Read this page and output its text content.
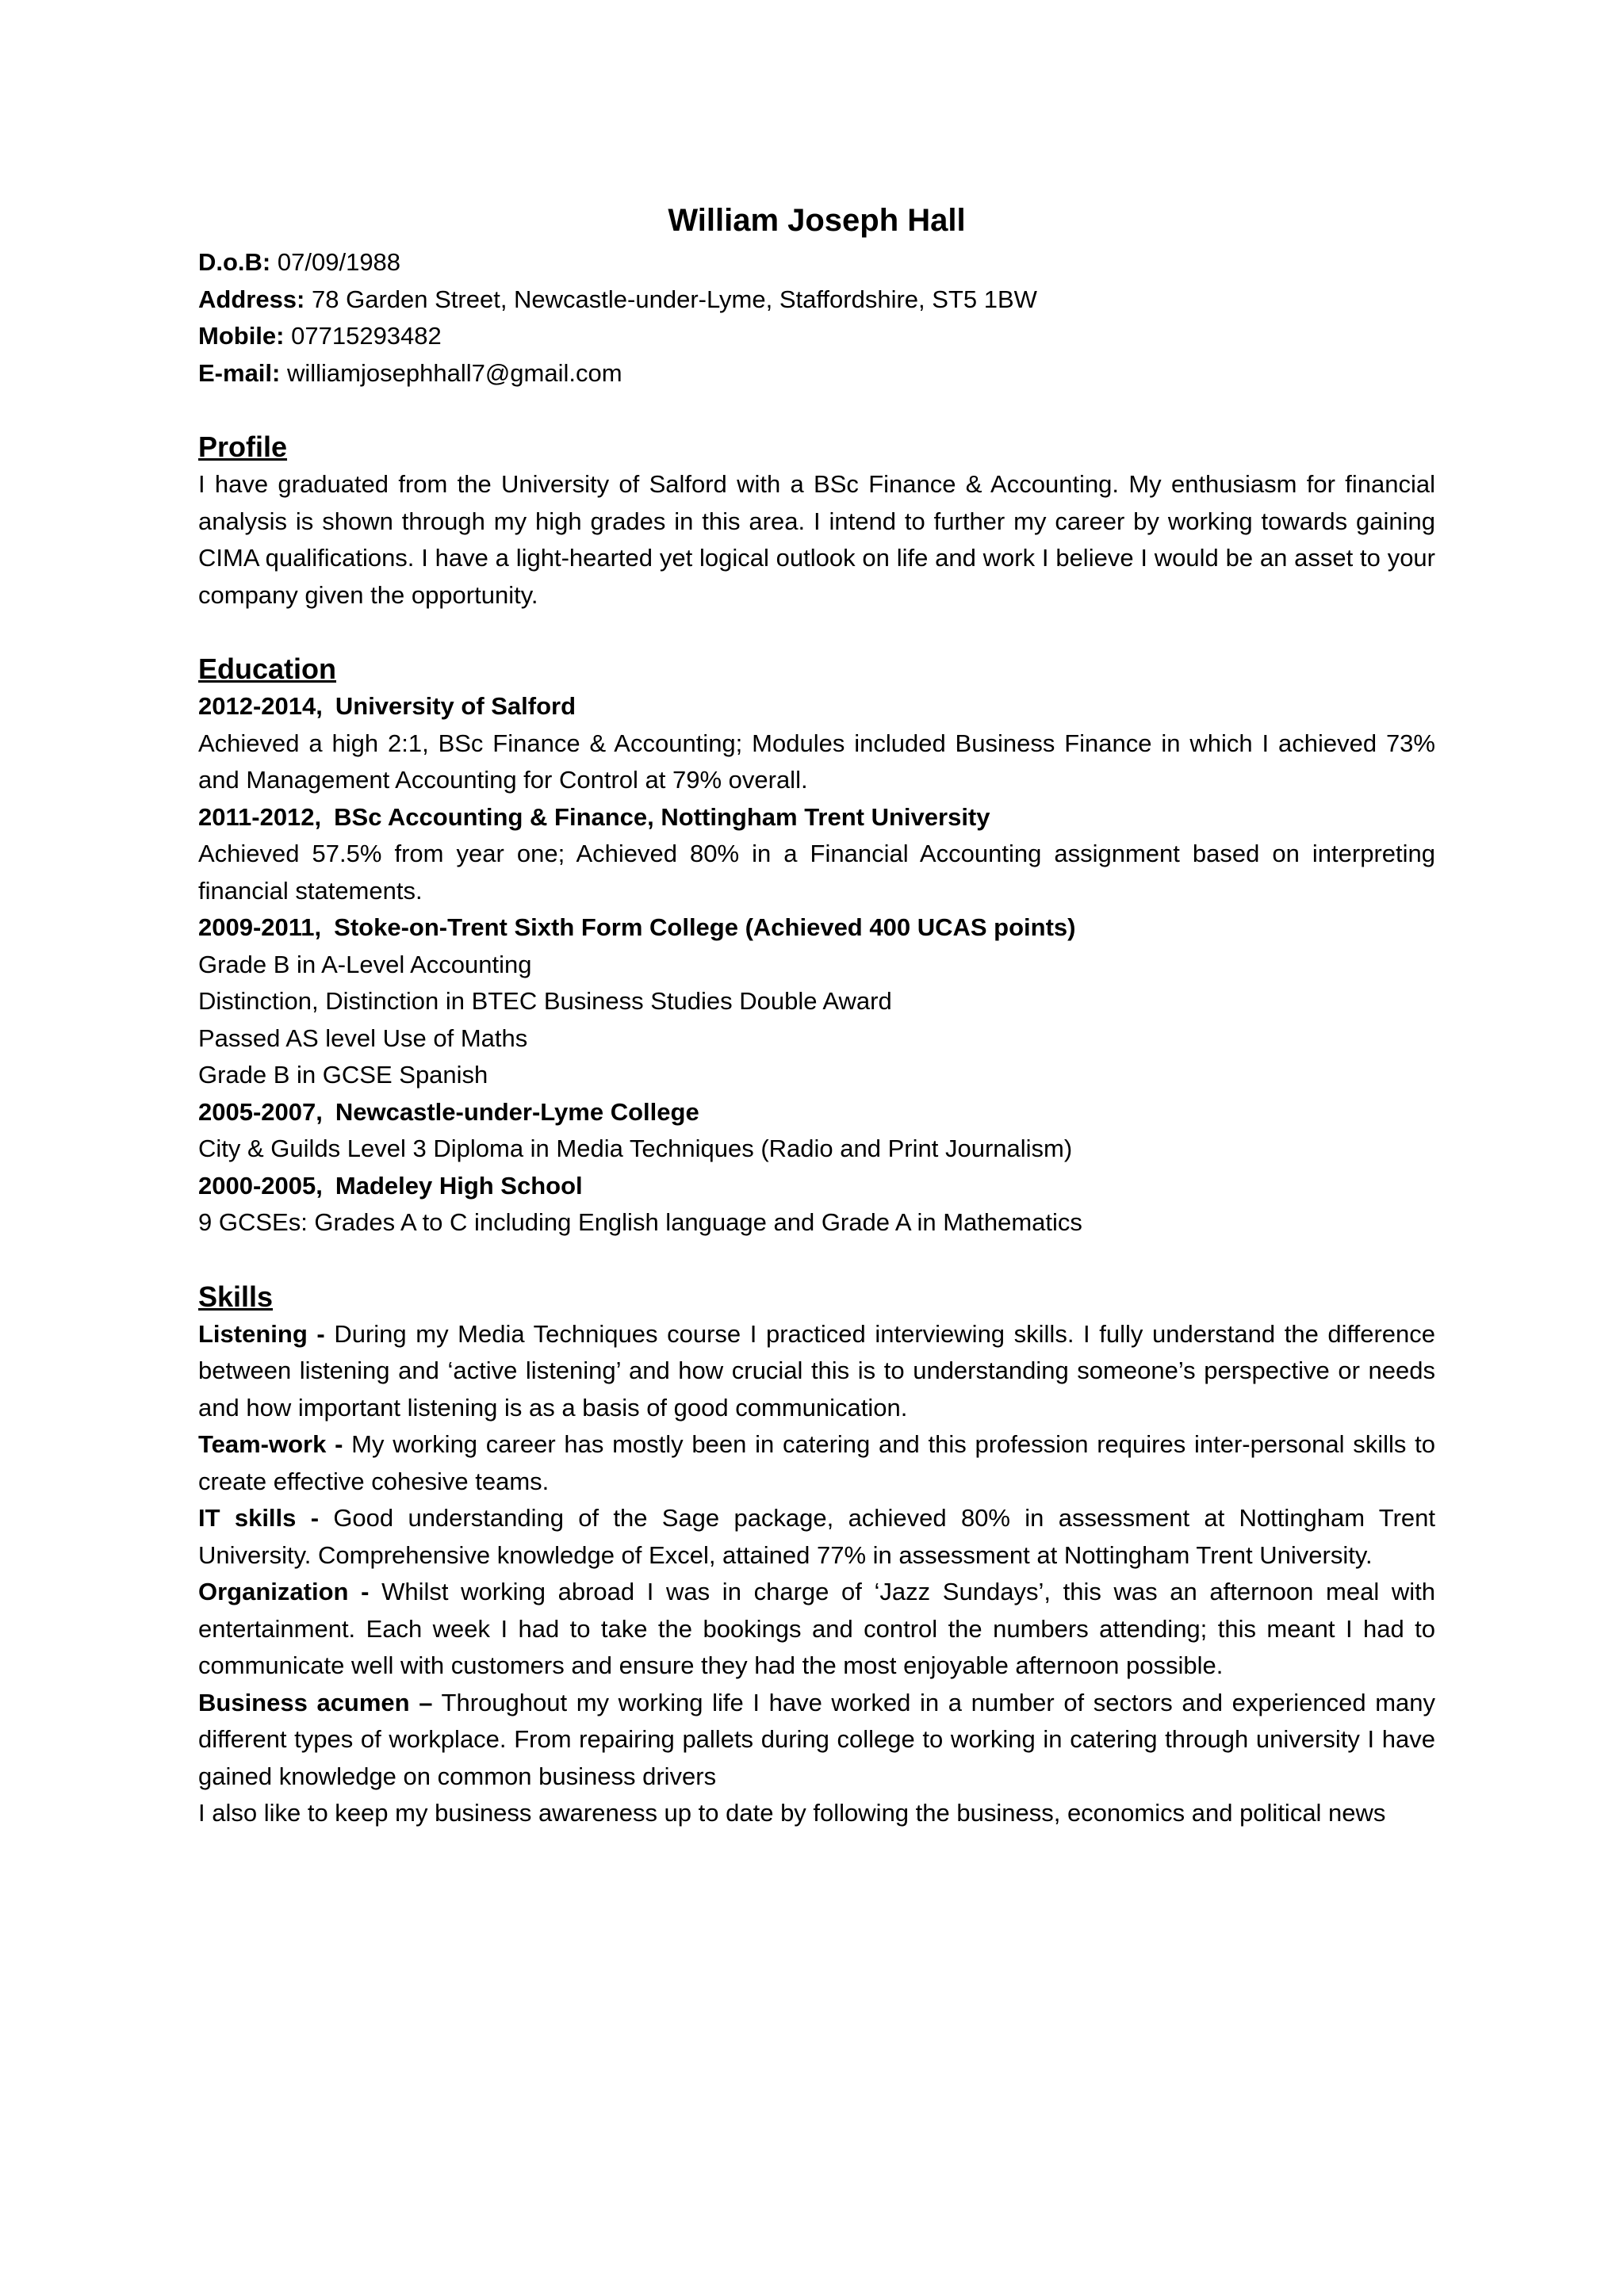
William Joseph Hall

D.o.B: 07/09/1988

Address: 78 Garden Street, Newcastle-under-Lyme, Staffordshire, ST5 1BW

Mobile: 07715293482

E-mail: williamjosephhall7@gmail.com

Profile

I have graduated from the University of Salford with a BSc Finance & Accounting. My enthusiasm for financial analysis is shown through my high grades in this area. I intend to further my career by working towards gaining CIMA qualifications. I have a light-hearted yet logical outlook on life and work I believe I would be an asset to your company given the opportunity.

Education

2012-2014, University of Salford

Achieved a high 2:1, BSc Finance & Accounting; Modules included Business Finance in which I achieved 73% and Management Accounting for Control at 79% overall.

2011-2012, BSc Accounting & Finance, Nottingham Trent University

Achieved 57.5% from year one; Achieved 80% in a Financial Accounting assignment based on interpreting financial statements.

2009-2011, Stoke-on-Trent Sixth Form College (Achieved 400 UCAS points)

Grade B in A-Level Accounting

Distinction, Distinction in BTEC Business Studies Double Award

Passed AS level Use of Maths

Grade B in GCSE Spanish

2005-2007, Newcastle-under-Lyme College

City & Guilds Level 3 Diploma in Media Techniques (Radio and Print Journalism)

2000-2005, Madeley High School

9 GCSEs: Grades A to C including English language and Grade A in Mathematics

Skills

Listening - During my Media Techniques course I practiced interviewing skills. I fully understand the difference between listening and ‘active listening’ and how crucial this is to understanding someone’s perspective or needs and how important listening is as a basis of good communication.

Team-work - My working career has mostly been in catering and this profession requires inter-personal skills to create effective cohesive teams.

IT skills - Good understanding of the Sage package, achieved 80% in assessment at Nottingham Trent University. Comprehensive knowledge of Excel, attained 77% in assessment at Nottingham Trent University.

Organization - Whilst working abroad I was in charge of ‘Jazz Sundays’, this was an afternoon meal with entertainment. Each week I had to take the bookings and control the numbers attending; this meant I had to communicate well with customers and ensure they had the most enjoyable afternoon possible.

Business acumen – Throughout my working life I have worked in a number of sectors and experienced many different types of workplace. From repairing pallets during college to working in catering through university I have gained knowledge on common business drivers

I also like to keep my business awareness up to date by following the business, economics and political news
